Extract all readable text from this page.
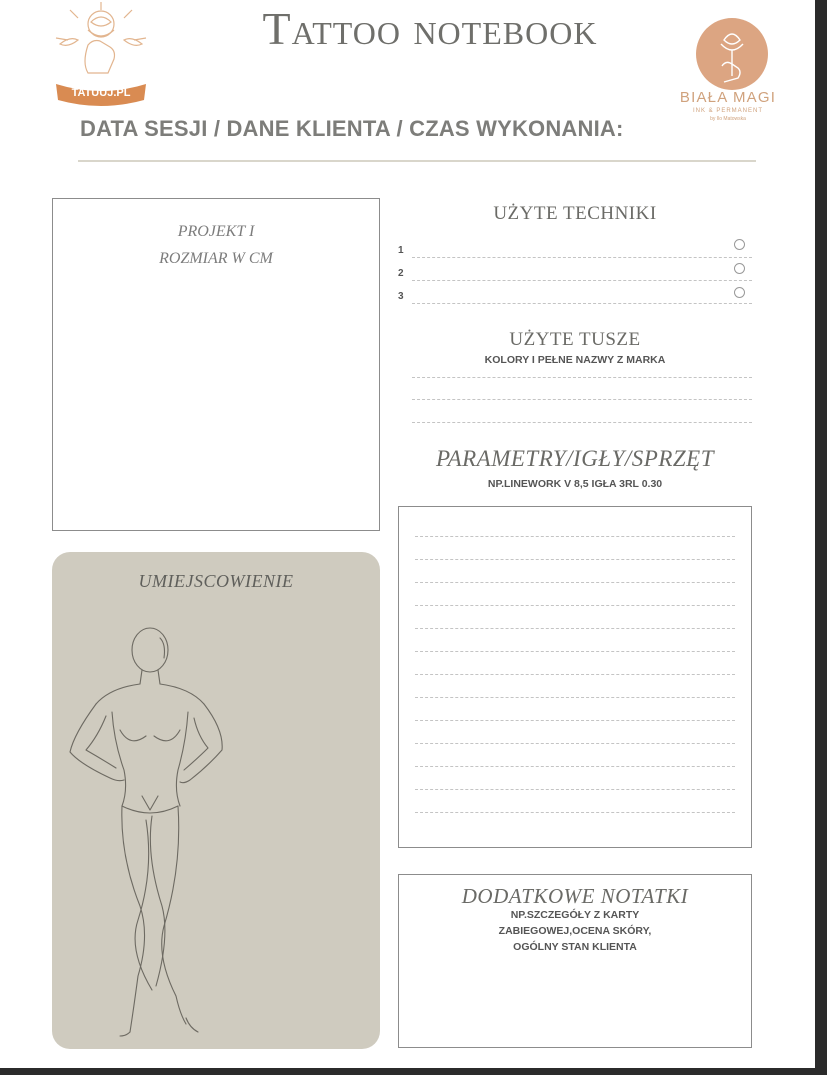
TATUUJ.PL
Tattoo notebook
BIAŁA MAGI
INK & PERMANENT
by Ilo Matowska
DATA SESJI / DANE KLIENTA / CZAS WYKONANIA:
PROJEKT I
ROZMIAR W CM
UMIEJSCOWIENIE
UŻYTE TECHNIKI
1
2
3
UŻYTE TUSZE
KOLORY I PEŁNE NAZWY Z MARKA
PARAMETRY/IGŁY/SPRZĘT
NP.LINEWORK V 8,5 IGŁA 3RL 0.30
DODATKOWE NOTATKI
NP.SZCZEGÓŁY Z KARTY
ZABIEGOWEJ,OCENA SKÓRY,
OGÓLNY STAN KLIENTA
